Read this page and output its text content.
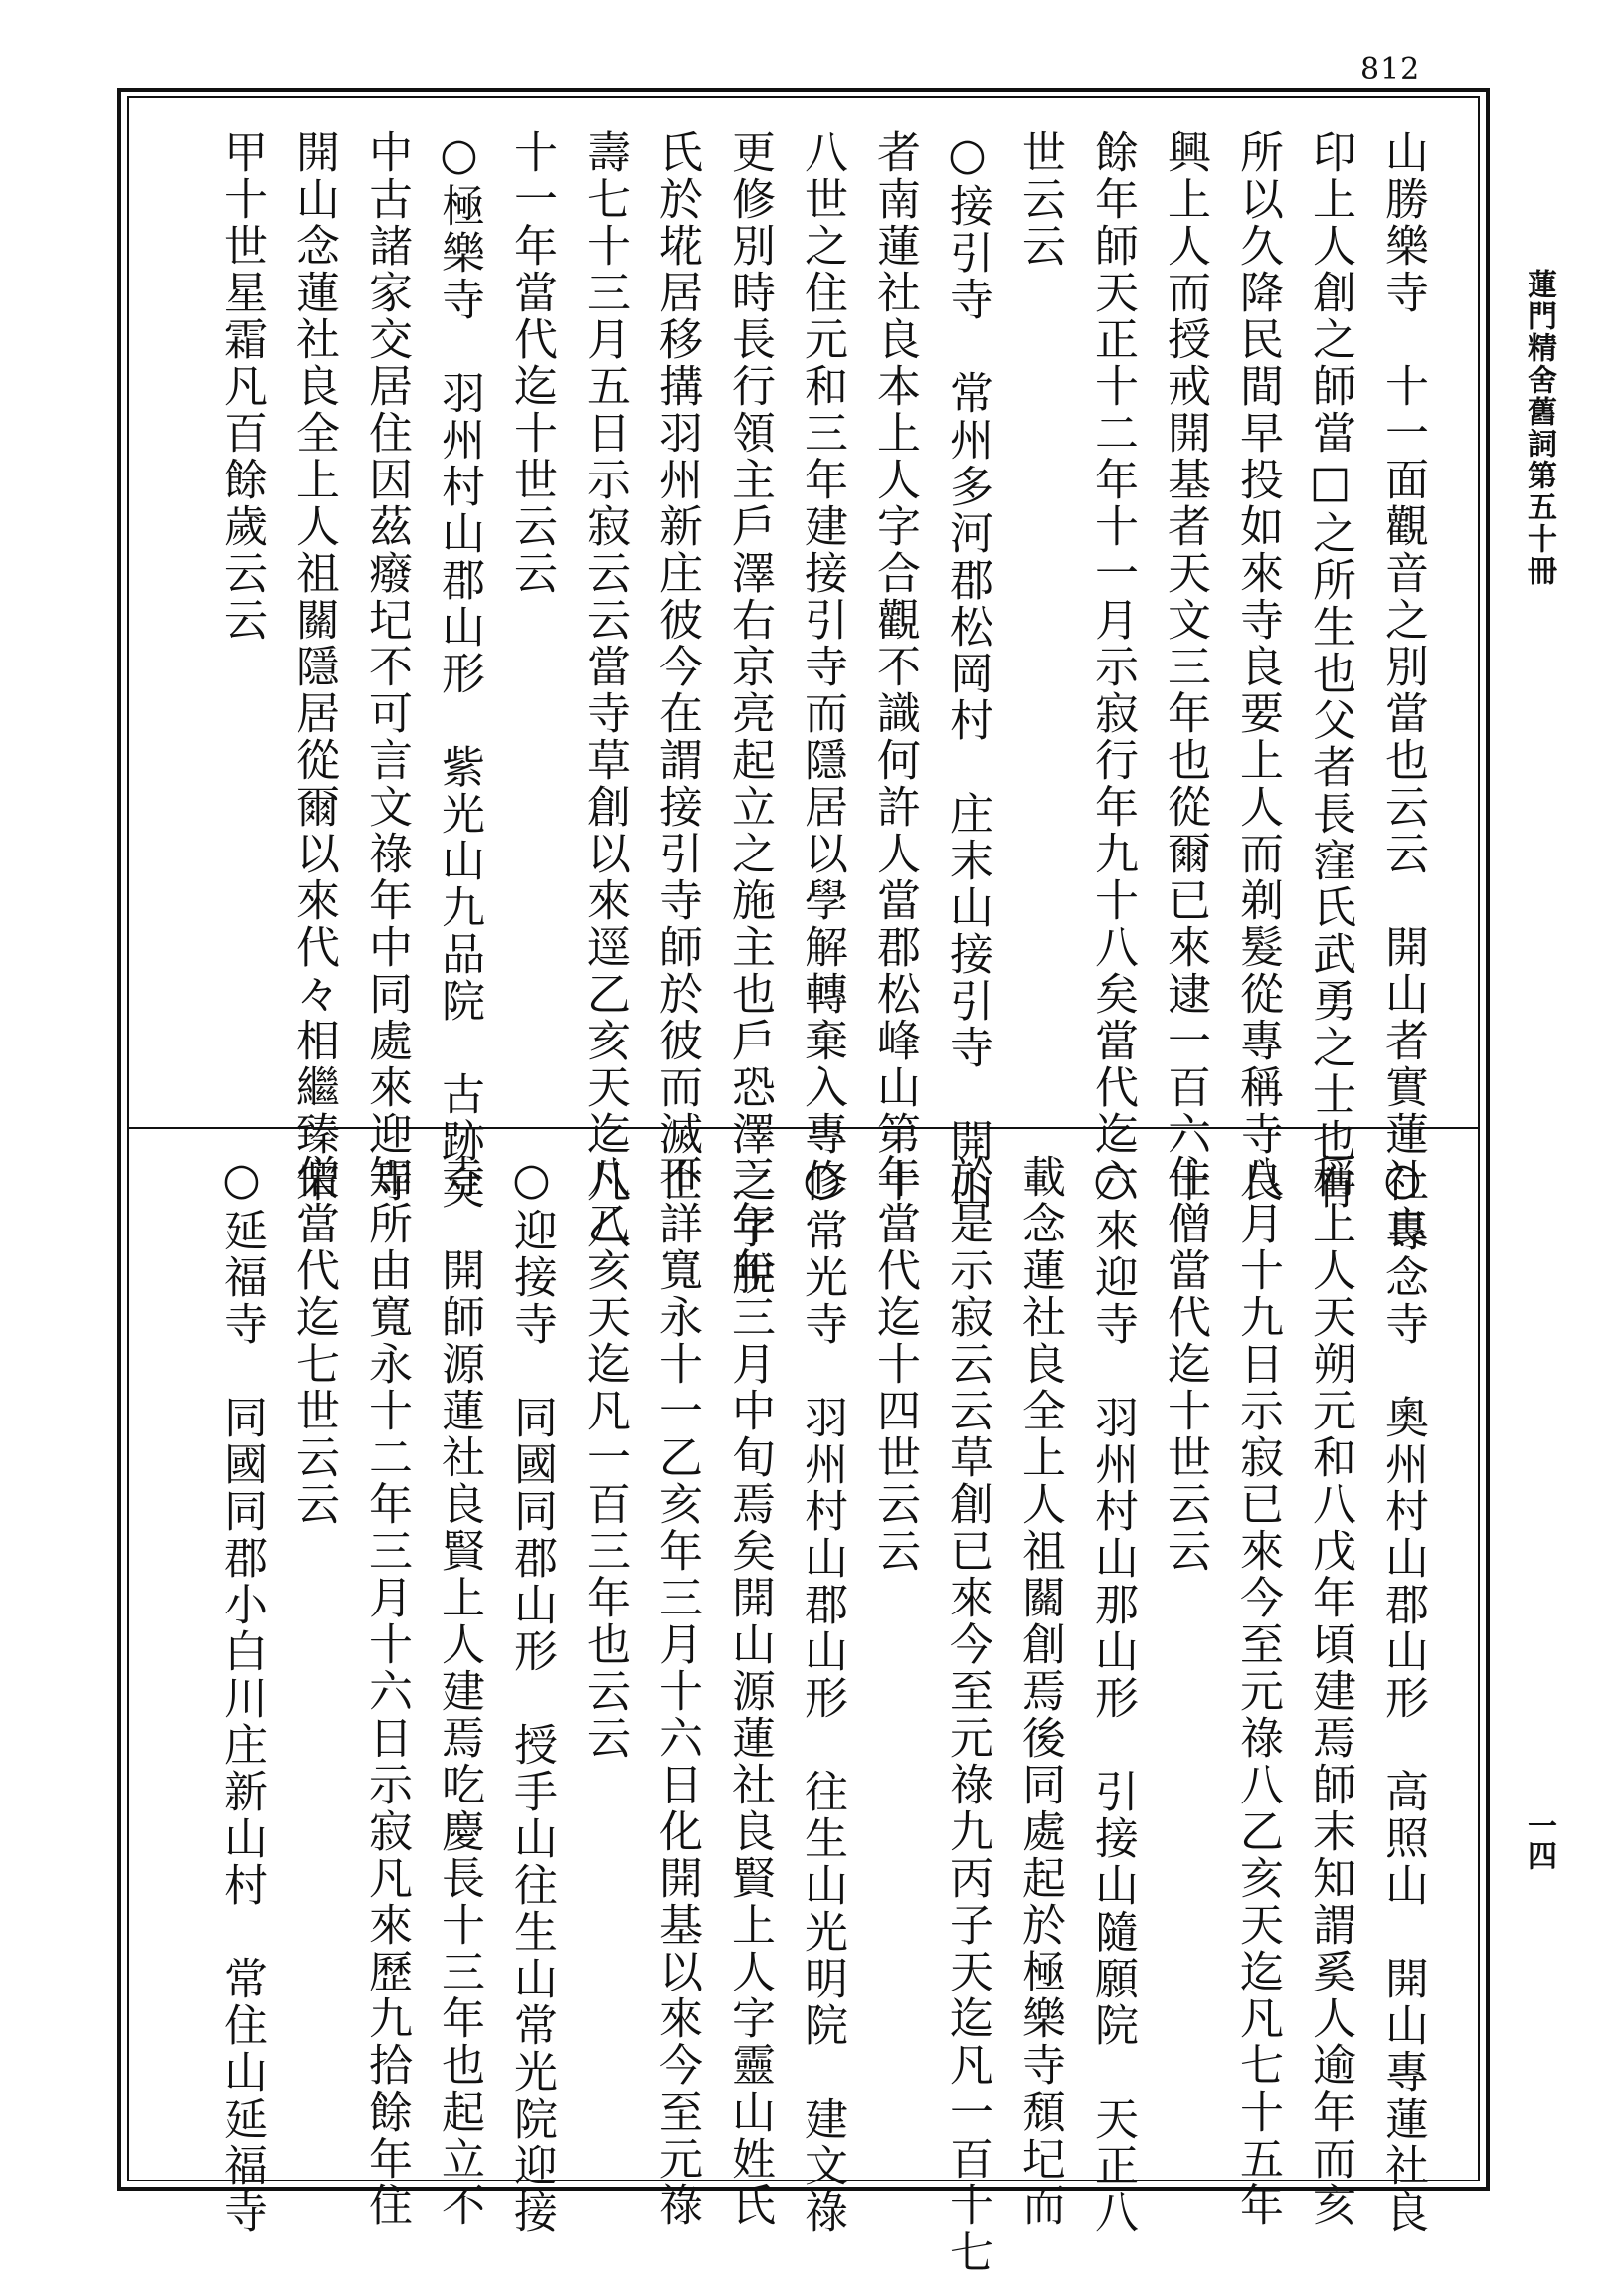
812
蓮門精舍舊詞第五十冊
一四
山勝樂寺　十一面觀音之別當也云云　開山者實蓮社良
印上人創之師當□之所生也父者長窪氏武勇之士也有
所以久降民間早投如來寺良要上人而剃髮從專稱寺良
興上人而授戒開基者天文三年也從爾已來逮一百六十
餘年師天正十二年十一月示寂行年九十八矣當代迄六
世云云
○接引寺　常州多河郡松岡村　庄末山接引寺　開山
者南蓮社良本上人字合觀不識何許人當郡松峰山第十
八世之住元和三年建接引寺而隱居以學解轉棄入專修
更修別時長行領主戶澤右京亮起立之施主也戶恐澤之字脫
氏於埖居移搆羽州新庄彼今在謂接引寺師於彼而滅世
壽七十三月五日示寂云云當寺草創以來逕乙亥天迄凡八
十一年當代迄十世云云
○極樂寺　羽州村山郡山形　紫光山九品院　古跡矣
中古諸家交居住因茲癈圮不可言文祿年中同處來迎寺
開山念蓮社良全上人祖關隱居從爾以來代々相繼臻宋
甲十世星霜凡百餘歲云云
○專念寺　奧州村山郡山形　高照山　開山專蓮社良
稱上人天朔元和八戊年頃建焉師末知謂奚人逾年而亥
八月十九日示寂已來今至元祿八乙亥天迄凡七十五年
住僧當代迄十世云云
○來迎寺　羽州村山那山形　引接山隨願院　天正八
載念蓮社良全上人祖關創焉後同處起於極樂寺頹圮而
於是示寂云云草創已來今至元祿九丙子天迄凡一百十七
年當代迄十四世云云
○常光寺　羽州村山郡山形　往生山光明院　建文祿
三年年三月中旬焉矣開山源蓮社良賢上人字靈山姓氏
不詳寬永十一乙亥年三月十六日化開基以來今至元祿
八乙亥天迄凡一百三年也云云
○迎接寺　同國同郡山形　授手山往生山常光院迎接
寺　開師源蓮社良賢上人建焉吃慶長十三年也起立不
知所由寬永十二年三月十六日示寂凡來歷九拾餘年住
僧當代迄七世云云
○延福寺　同國同郡小白川庄新山村　常住山延福寺
